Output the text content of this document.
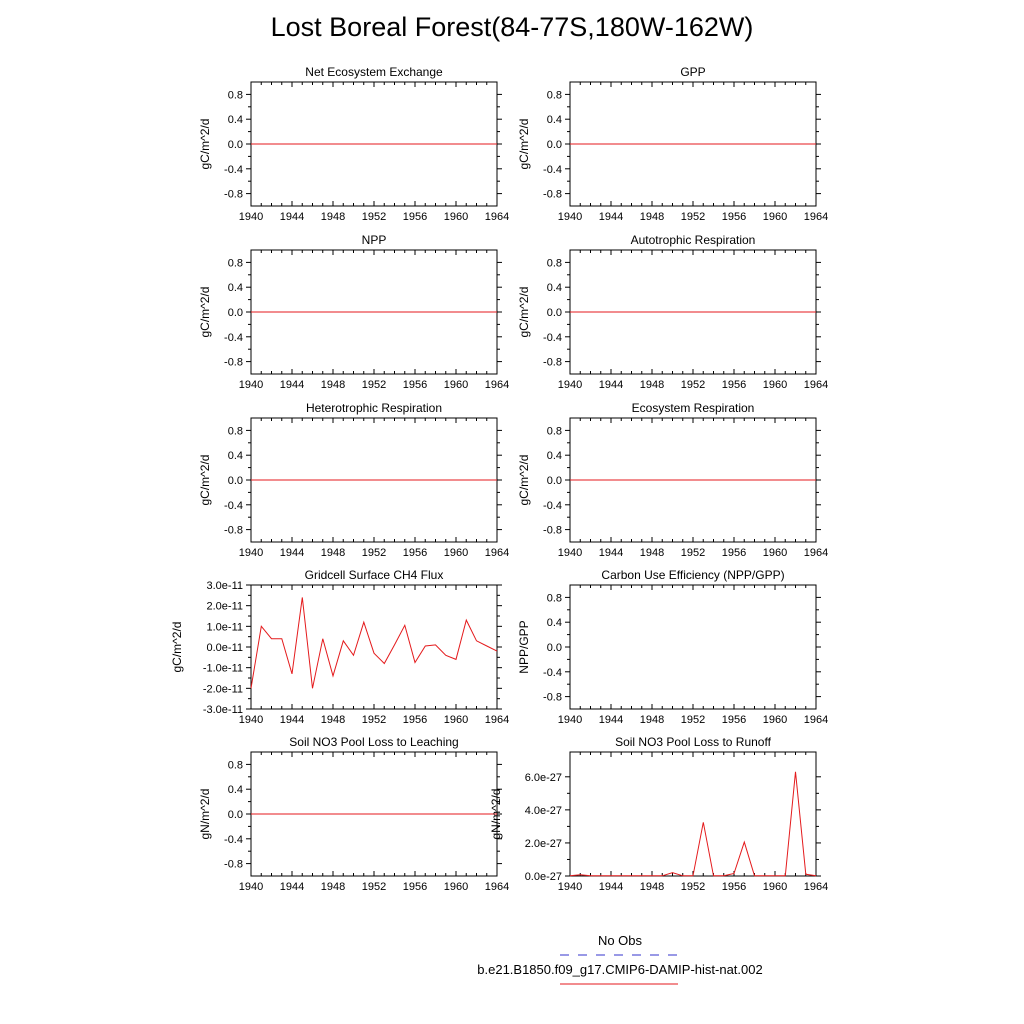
Lost Boreal Forest(84-77S,180W-162W)
Net Ecosystem Exchange
1940 1944 1948 1952 1956 1960 1964
-0.8
-0.4
0.0
0.4
0.8
gC/m^2/d
GPP
1940 1944 1948 1952 1956 1960 1964
-0.8
-0.4
0.0
0.4
0.8
gC/m^2/d
NPP
1940 1944 1948 1952 1956 1960 1964
-0.8
-0.4
0.0
0.4
0.8
gC/m^2/d
Autotrophic Respiration
1940 1944 1948 1952 1956 1960 1964
-0.8
-0.4
0.0
0.4
0.8
gC/m^2/d
Heterotrophic Respiration
1940 1944 1948 1952 1956 1960 1964
-0.8
-0.4
0.0
0.4
0.8
gC/m^2/d
Ecosystem Respiration
1940 1944 1948 1952 1956 1960 1964
-0.8
-0.4
0.0
0.4
0.8
gC/m^2/d
Gridcell Surface CH4 Flux
1940 1944 1948 1952 1956 1960 1964
-3.0e-11
-2.0e-11
-1.0e-11
0.0e-11
1.0e-11
2.0e-11
3.0e-11
gC/m^2/d
Carbon Use Efficiency (NPP/GPP)
1940 1944 1948 1952 1956 1960 1964
-0.8
-0.4
0.0
0.4
0.8
NPP/GPP
Soil NO3 Pool Loss to Leaching
1940 1944 1948 1952 1956 1960 1964
-0.8
-0.4
0.0
0.4
0.8
gN/m^2/d
Soil NO3 Pool Loss to Runoff
1940 1944 1948 1952 1956 1960 1964
0.0e-27
2.0e-27
4.0e-27
6.0e-27
gN/m^2/d
No Obs
b.e21.B1850.f09_g17.CMIP6-DAMIP-hist-nat.002
